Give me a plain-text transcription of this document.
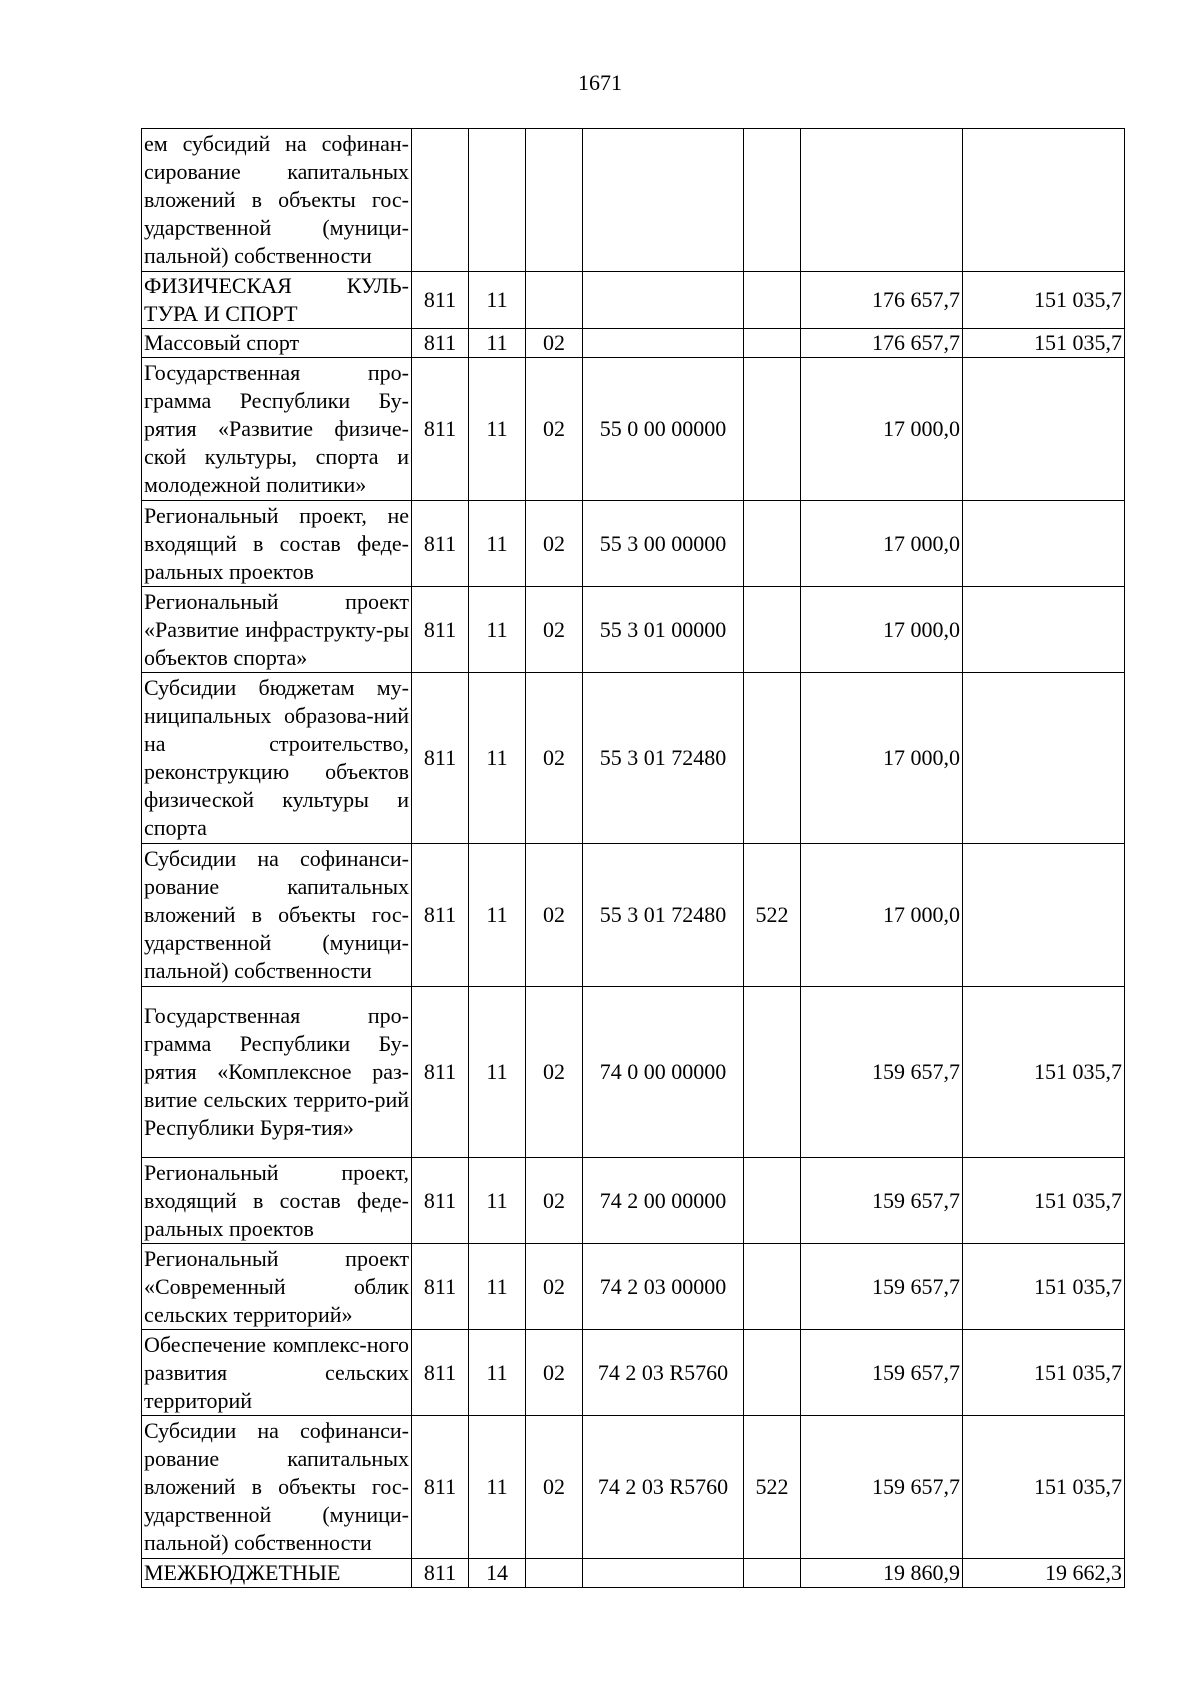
1671
ем субсидий на софинан-сирование капитальных вложений в объекты гос-ударственной (муници-пальной) собственности							
ФИЗИЧЕСКАЯ КУЛЬ-ТУРА И СПОРТ	811	11				176 657,7	151 035,7
Массовый спорт	811	11	02			176 657,7	151 035,7
Государственная про-грамма Республики Бу-рятия «Развитие физиче-ской культуры, спорта и молодежной политики»	811	11	02	55 0 00 00000		17 000,0	
Региональный проект, не входящий в состав феде-ральных проектов	811	11	02	55 3 00 00000		17 000,0	
Региональный проект «Развитие инфраструкту-ры объектов спорта»	811	11	02	55 3 01 00000		17 000,0	
Субсидии бюджетам му-ниципальных образова-ний на строительство, реконструкцию объектов физической культуры и спорта	811	11	02	55 3 01 72480		17 000,0	
Субсидии на софинанси-рование капитальных вложений в объекты гос-ударственной (муници-пальной) собственности	811	11	02	55 3 01 72480	522	17 000,0	
Государственная про-грамма Республики Бу-рятия «Комплексное раз-витие сельских террито-рий Республики Буря-тия»	811	11	02	74 0 00 00000		159 657,7	151 035,7
Региональный проект, входящий в состав феде-ральных проектов	811	11	02	74 2 00 00000		159 657,7	151 035,7
Региональный проект «Современный облик сельских территорий»	811	11	02	74 2 03 00000		159 657,7	151 035,7
Обеспечение комплекс-ного развития сельских территорий	811	11	02	74 2 03 R5760		159 657,7	151 035,7
Субсидии на софинанси-рование капитальных вложений в объекты гос-ударственной (муници-пальной) собственности	811	11	02	74 2 03 R5760	522	159 657,7	151 035,7
МЕЖБЮДЖЕТНЫЕ	811	14				19 860,9	19 662,3
